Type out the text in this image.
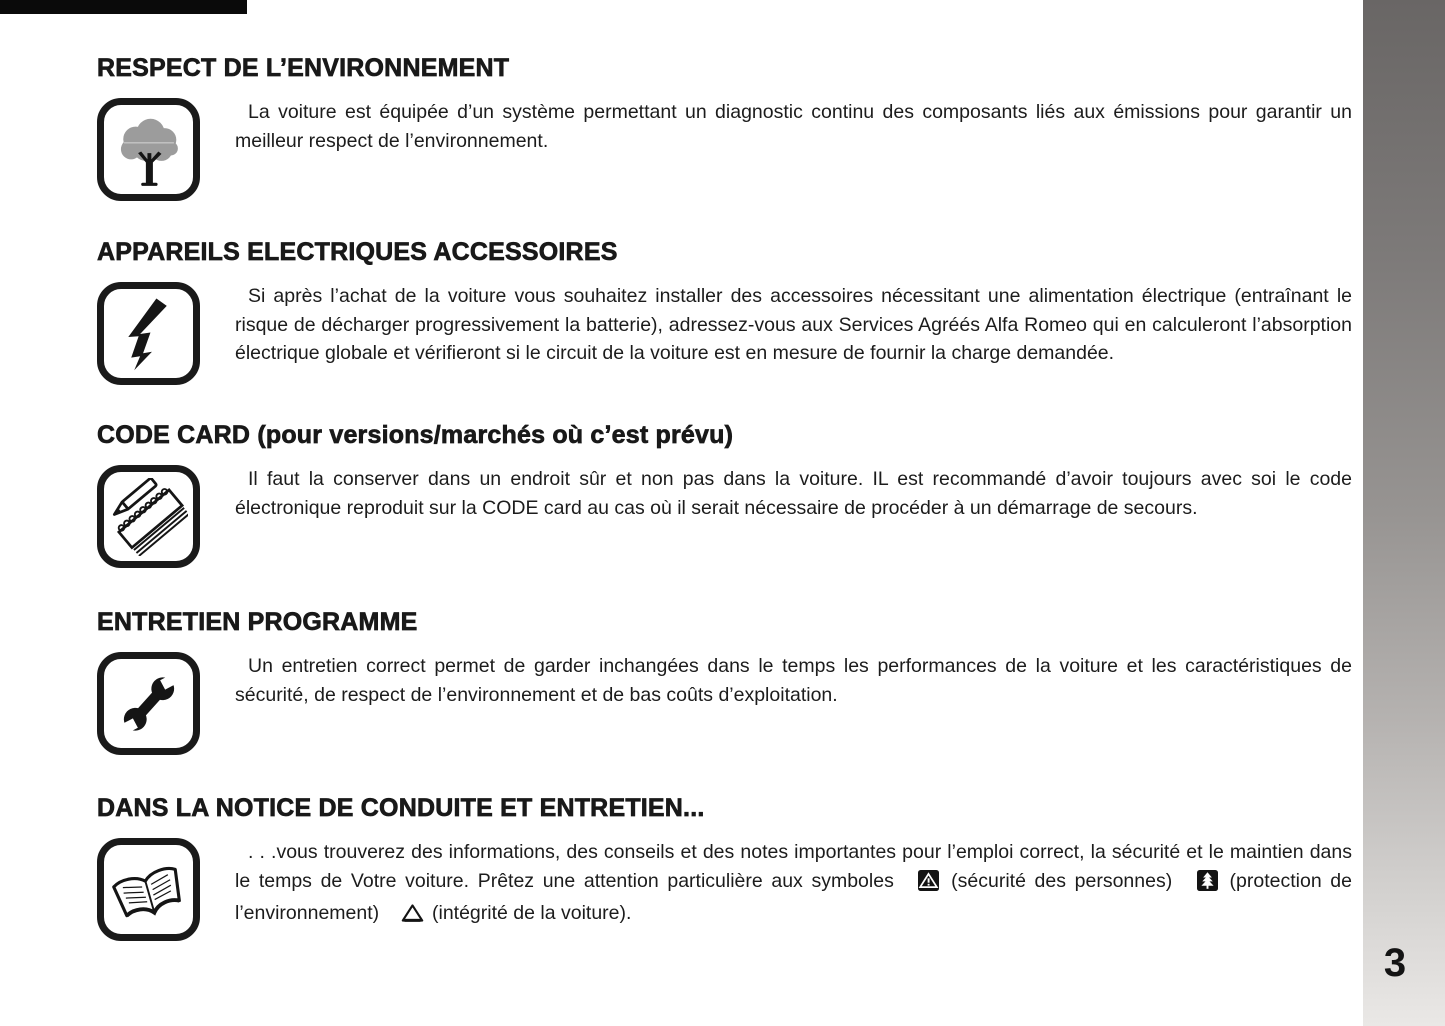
3
RESPECT DE L’ENVIRONNEMENT

La voiture est équipée d’un système permettant un diagnostic continu des composants liés aux émissions pour garantir un meilleur respect de l’environnement.

APPAREILS ELECTRIQUES ACCESSOIRES

Si après l’achat de la voiture vous souhaitez installer des accessoires nécessitant une alimentation électrique (entraînant le risque de décharger progressivement la batterie), adressez-vous aux Services Agréés Alfa Romeo qui en calculeront l’absorption électrique globale et vérifieront si le circuit de la voiture est en mesure de fournir la charge demandée.

CODE CARD (pour versions/marchés où c’est prévu)

Il faut la conserver dans un endroit sûr et non pas dans la voiture. IL est recommandé d’avoir toujours avec soi le code électronique reproduit sur la CODE card au cas où il serait nécessaire de procéder à un démarrage de secours.

ENTRETIEN PROGRAMME

Un entretien correct permet de garder inchangées dans le temps les performances de la voiture et les caractéristiques de sécurité, de respect de l’environnement et de bas coûts d’exploitation.

DANS LA NOTICE DE CONDUITE ET ENTRETIEN...

. . .vous trouverez des informations, des conseils et des notes importantes pour l’emploi correct, la sécurité et le maintien dans le temps de Votre voiture. Prêtez une attention particulière aux symboles	(sécurité des personnes)	(protection de l’environnement)	(intégrité de la voiture).
